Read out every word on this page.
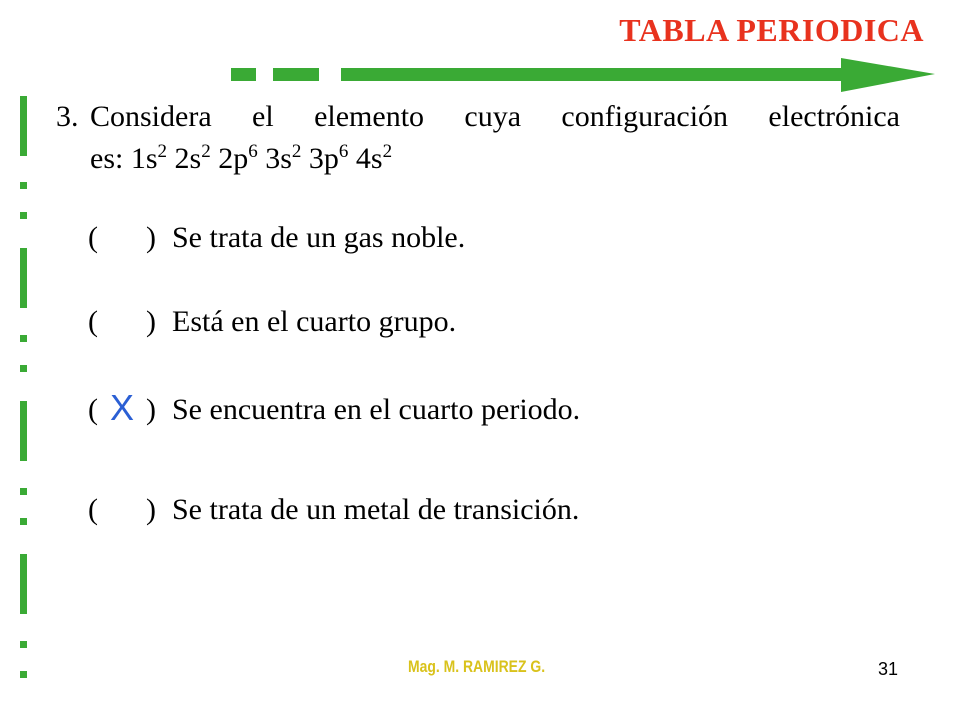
TABLA PERIODICA
3. Considera el elemento cuya configuración electrónica
es: $1s^2$ $2s^2$ $2p^6$ $3s^2$ $3p^6$ $4s^2$
( ) Se trata de un gas noble.
( ) Está en el cuarto grupo.
( X ) Se encuentra en el cuarto periodo.
( ) Se trata de un metal de transición.
Mag. M. RAMIREZ G.	31
